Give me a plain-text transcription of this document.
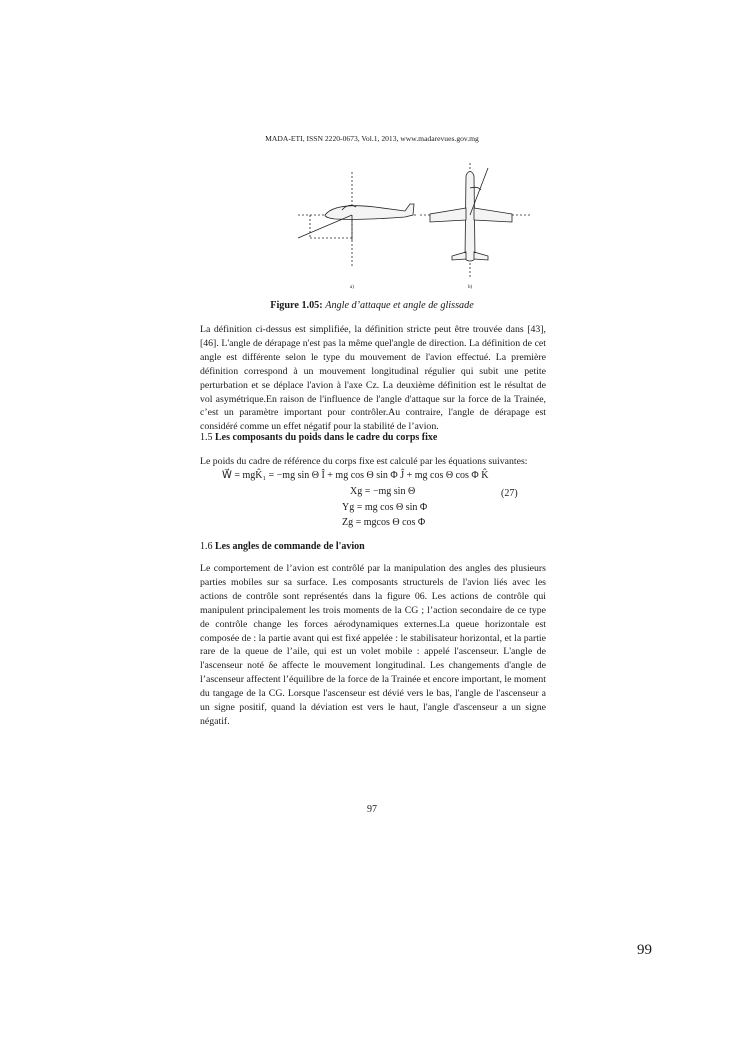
MADA-ETI, ISSN 2220-0673, Vol.1, 2013, www.madarevues.gov.mg
a)	b)
Figure 1.05: Angle d’attaque et angle de glissade

La définition ci-dessus est simplifiée, la définition stricte peut être trouvée dans [43], [46]. L'angle de dérapage n'est pas la même quel'angle de direction. La définition de cet angle est différente selon le type du mouvement de l'avion effectué. La première définition correspond à un mouvement longitudinal régulier qui subit une petite perturbation et se déplace l'avion à l'axe Cz. La deuxième définition est le résultat de vol asymétrique.En raison de l'influence de l'angle d'attaque sur la force de la Trainée, c’est un paramètre important pour contrôler.Au contraire, l'angle de dérapage est considéré comme un effet négatif pour la stabilité de l’avion.

1.5 Les composants du poids dans le cadre du corps fixe

Le poids du cadre de référence du corps fixe est calculé par les équations suivantes:

W⃗ = mgK̂₁ = −mg sin Θ Î + mg cos Θ sin Φ Ĵ + mg cos Θ cos Φ K̂
Xg = −mg sin Θ
Yg = mg cos Θ sin Φ
Zg = mgcos Θ cos Φ
(27)
1.6 Les angles de commande de l'avion

Le comportement de l’avion est contrôlé par la manipulation des angles des plusieurs parties mobiles sur sa surface. Les composants structurels de l'avion liés avec les actions de contrôle sont représentés dans la figure 06. Les actions de contrôle qui manipulent principalement les trois moments de la CG ; l’action secondaire de ce type de contrôle change les forces aérodynamiques externes.La queue horizontale est composée de : la partie avant qui est fixé appelée : le stabilisateur horizontal, et la partie rare de la queue de l’aile, qui est un volet mobile : appelé l'ascenseur. L'angle de l'ascenseur noté δe affecte le mouvement longitudinal. Les changements d'angle de l’ascenseur affectent l’équilibre de la force de la Trainée et encore important, le moment du tangage de la CG. Lorsque l'ascenseur est dévié vers le bas, l'angle de l'ascenseur a un signe positif, quand la déviation est vers le haut, l'angle d'ascenseur a un signe négatif.

97
99
